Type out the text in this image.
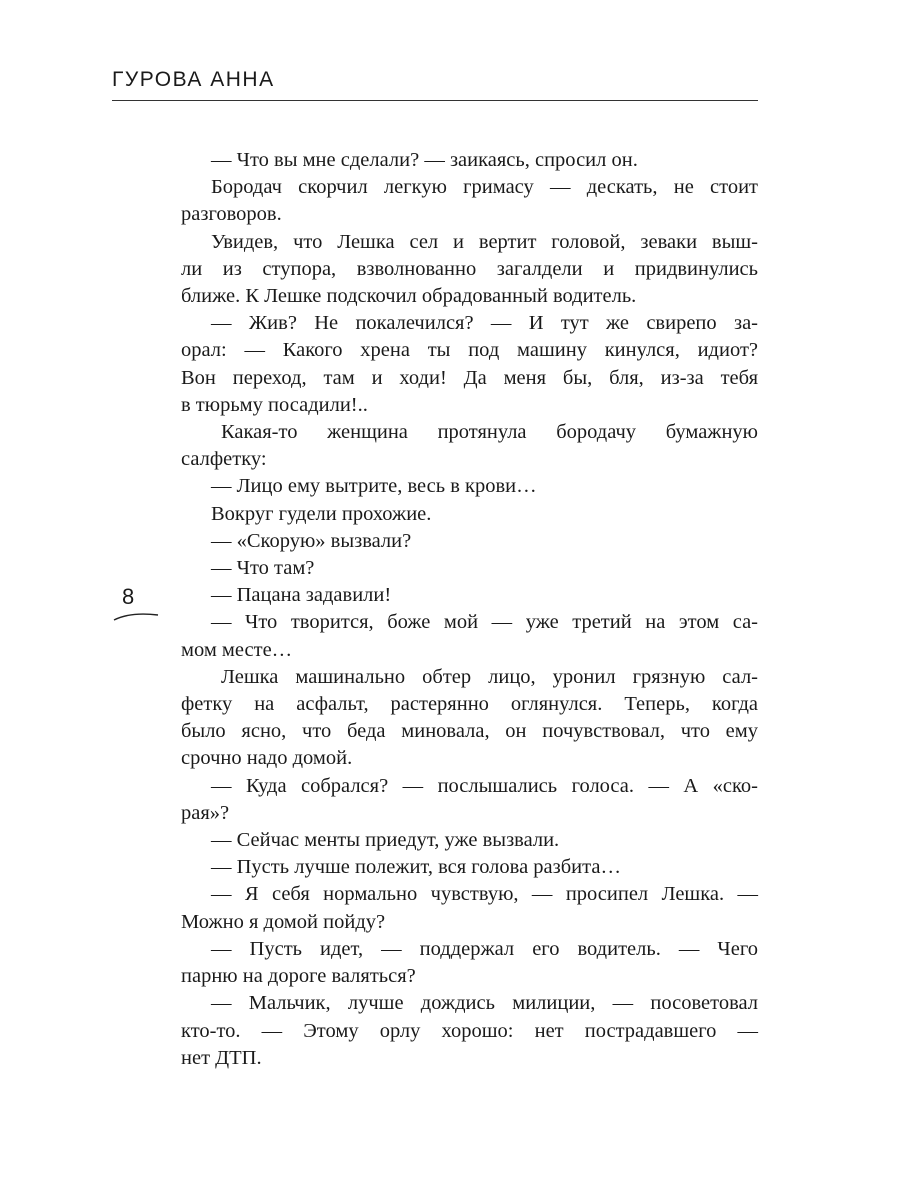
ГУРОВА АННА
8
— Что вы мне сделали? — заикаясь, спросил он.
Бородач скорчил легкую гримасу — дескать, не стоит
разговоров.
Увидев, что Лешка сел и вертит головой, зеваки выш-
ли из ступора, взволнованно загалдели и придвинулись
ближе. К Лешке подскочил обрадованный водитель.
— Жив? Не покалечился? — И тут же свирепо за-
орал: — Какого хрена ты под машину кинулся, идиот?
Вон переход, там и ходи! Да меня бы, бля, из-за тебя
в тюрьму посадили!..
Какая-то женщина протянула бородачу бумажную
салфетку:
— Лицо ему вытрите, весь в крови…
Вокруг гудели прохожие.
— «Скорую» вызвали?
— Что там?
— Пацана задавили!
— Что творится, боже мой — уже третий на этом са-
мом месте…
Лешка машинально обтер лицо, уронил грязную сал-
фетку на асфальт, растерянно оглянулся. Теперь, когда
было ясно, что беда миновала, он почувствовал, что ему
срочно надо домой.
— Куда собрался? — послышались голоса. — А «ско-
рая»?
— Сейчас менты приедут, уже вызвали.
— Пусть лучше полежит, вся голова разбита…
— Я себя нормально чувствую, — просипел Лешка. —
Можно я домой пойду?
— Пусть идет, — поддержал его водитель. — Чего
парню на дороге валяться?
— Мальчик, лучше дождись милиции, — посоветовал
кто-то. — Этому орлу хорошо: нет пострадавшего —
нет ДТП.
